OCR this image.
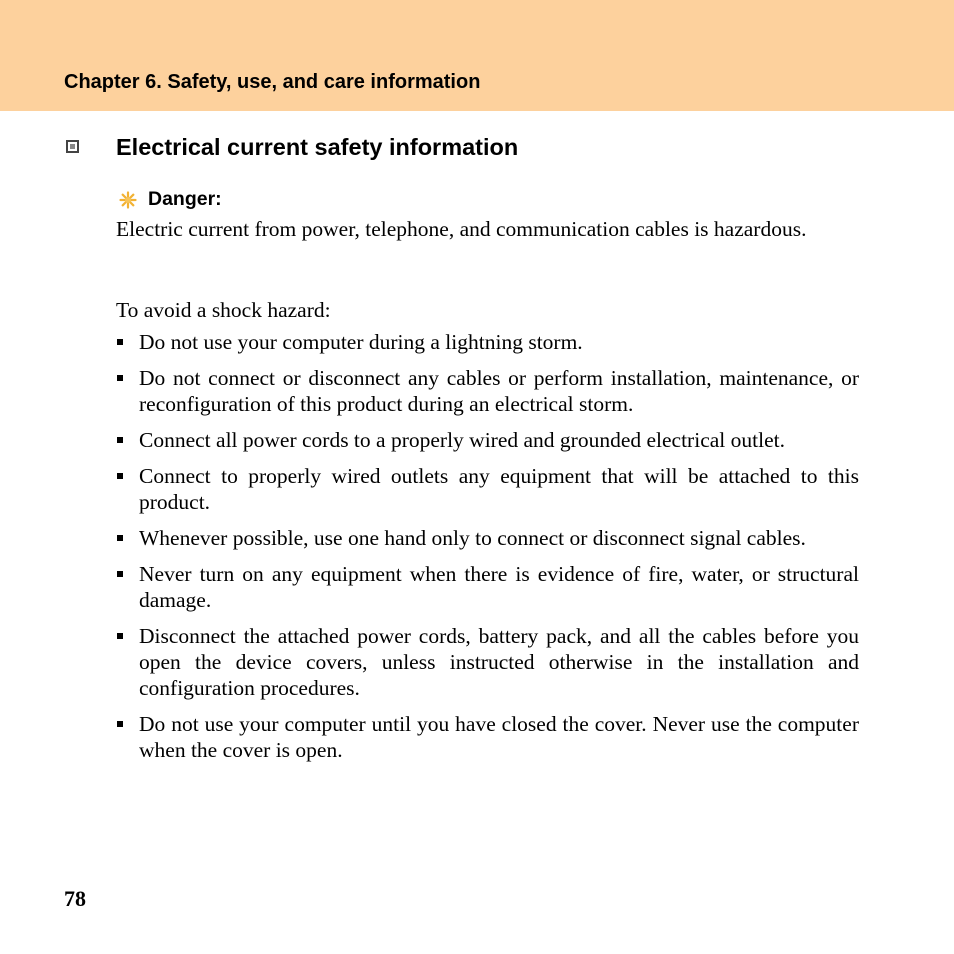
Chapter 6. Safety, use, and care information
Electrical current safety information
Danger:
Electric current from power, telephone, and communication cables is hazardous.
To avoid a shock hazard:
Do not use your computer during a lightning storm.
Do not connect or disconnect any cables or perform installation, maintenance, or reconfiguration of this product during an electrical storm.
Connect all power cords to a properly wired and grounded electrical outlet.
Connect to properly wired outlets any equipment that will be attached to this product.
Whenever possible, use one hand only to connect or disconnect signal cables.
Never turn on any equipment when there is evidence of fire, water, or structural damage.
Disconnect the attached power cords, battery pack, and all the cables before you open the device covers, unless instructed otherwise in the installation and configuration procedures.
Do not use your computer until you have closed the cover. Never use the computer when the cover is open.
78
